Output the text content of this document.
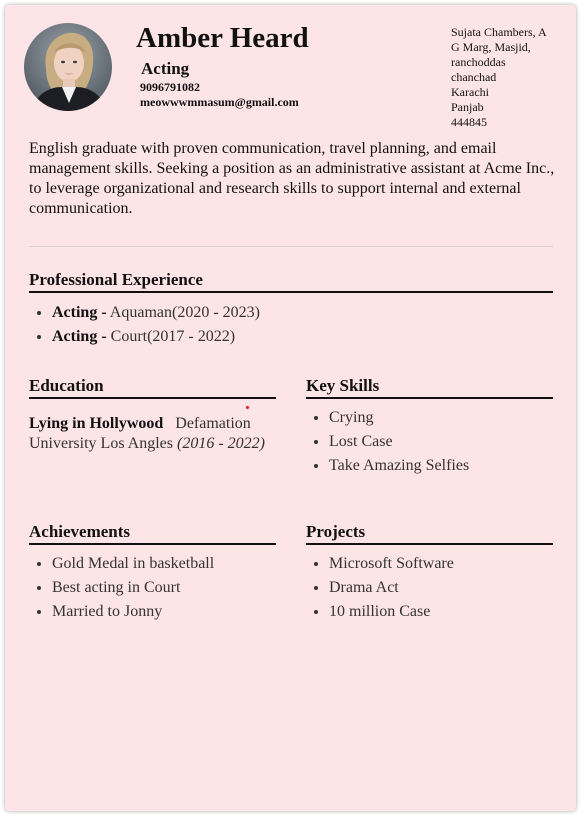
Amber Heard
Acting
9096791082
meowwwmmasum@gmail.com
Sujata Chambers, A
G Marg, Masjid,
ranchoddas
chanchad
Karachi
Panjab
444845

English graduate with proven communication, travel planning, and email management skills. Seeking a position as an administrative assistant at Acme Inc., to leverage organizational and research skills to support internal and external communication.

Professional Experience
• Acting - Aquaman(2020 - 2023)
• Acting - Court(2017 - 2022)
Education
Lying in Hollywood Defamation
University Los Angles (2016 - 2022)
Key Skills
• Crying
• Lost Case
• Take Amazing Selfies
Achievements
• Gold Medal in basketball
• Best acting in Court
• Married to Jonny
Projects
• Microsoft Software
• Drama Act
• 10 million Case
